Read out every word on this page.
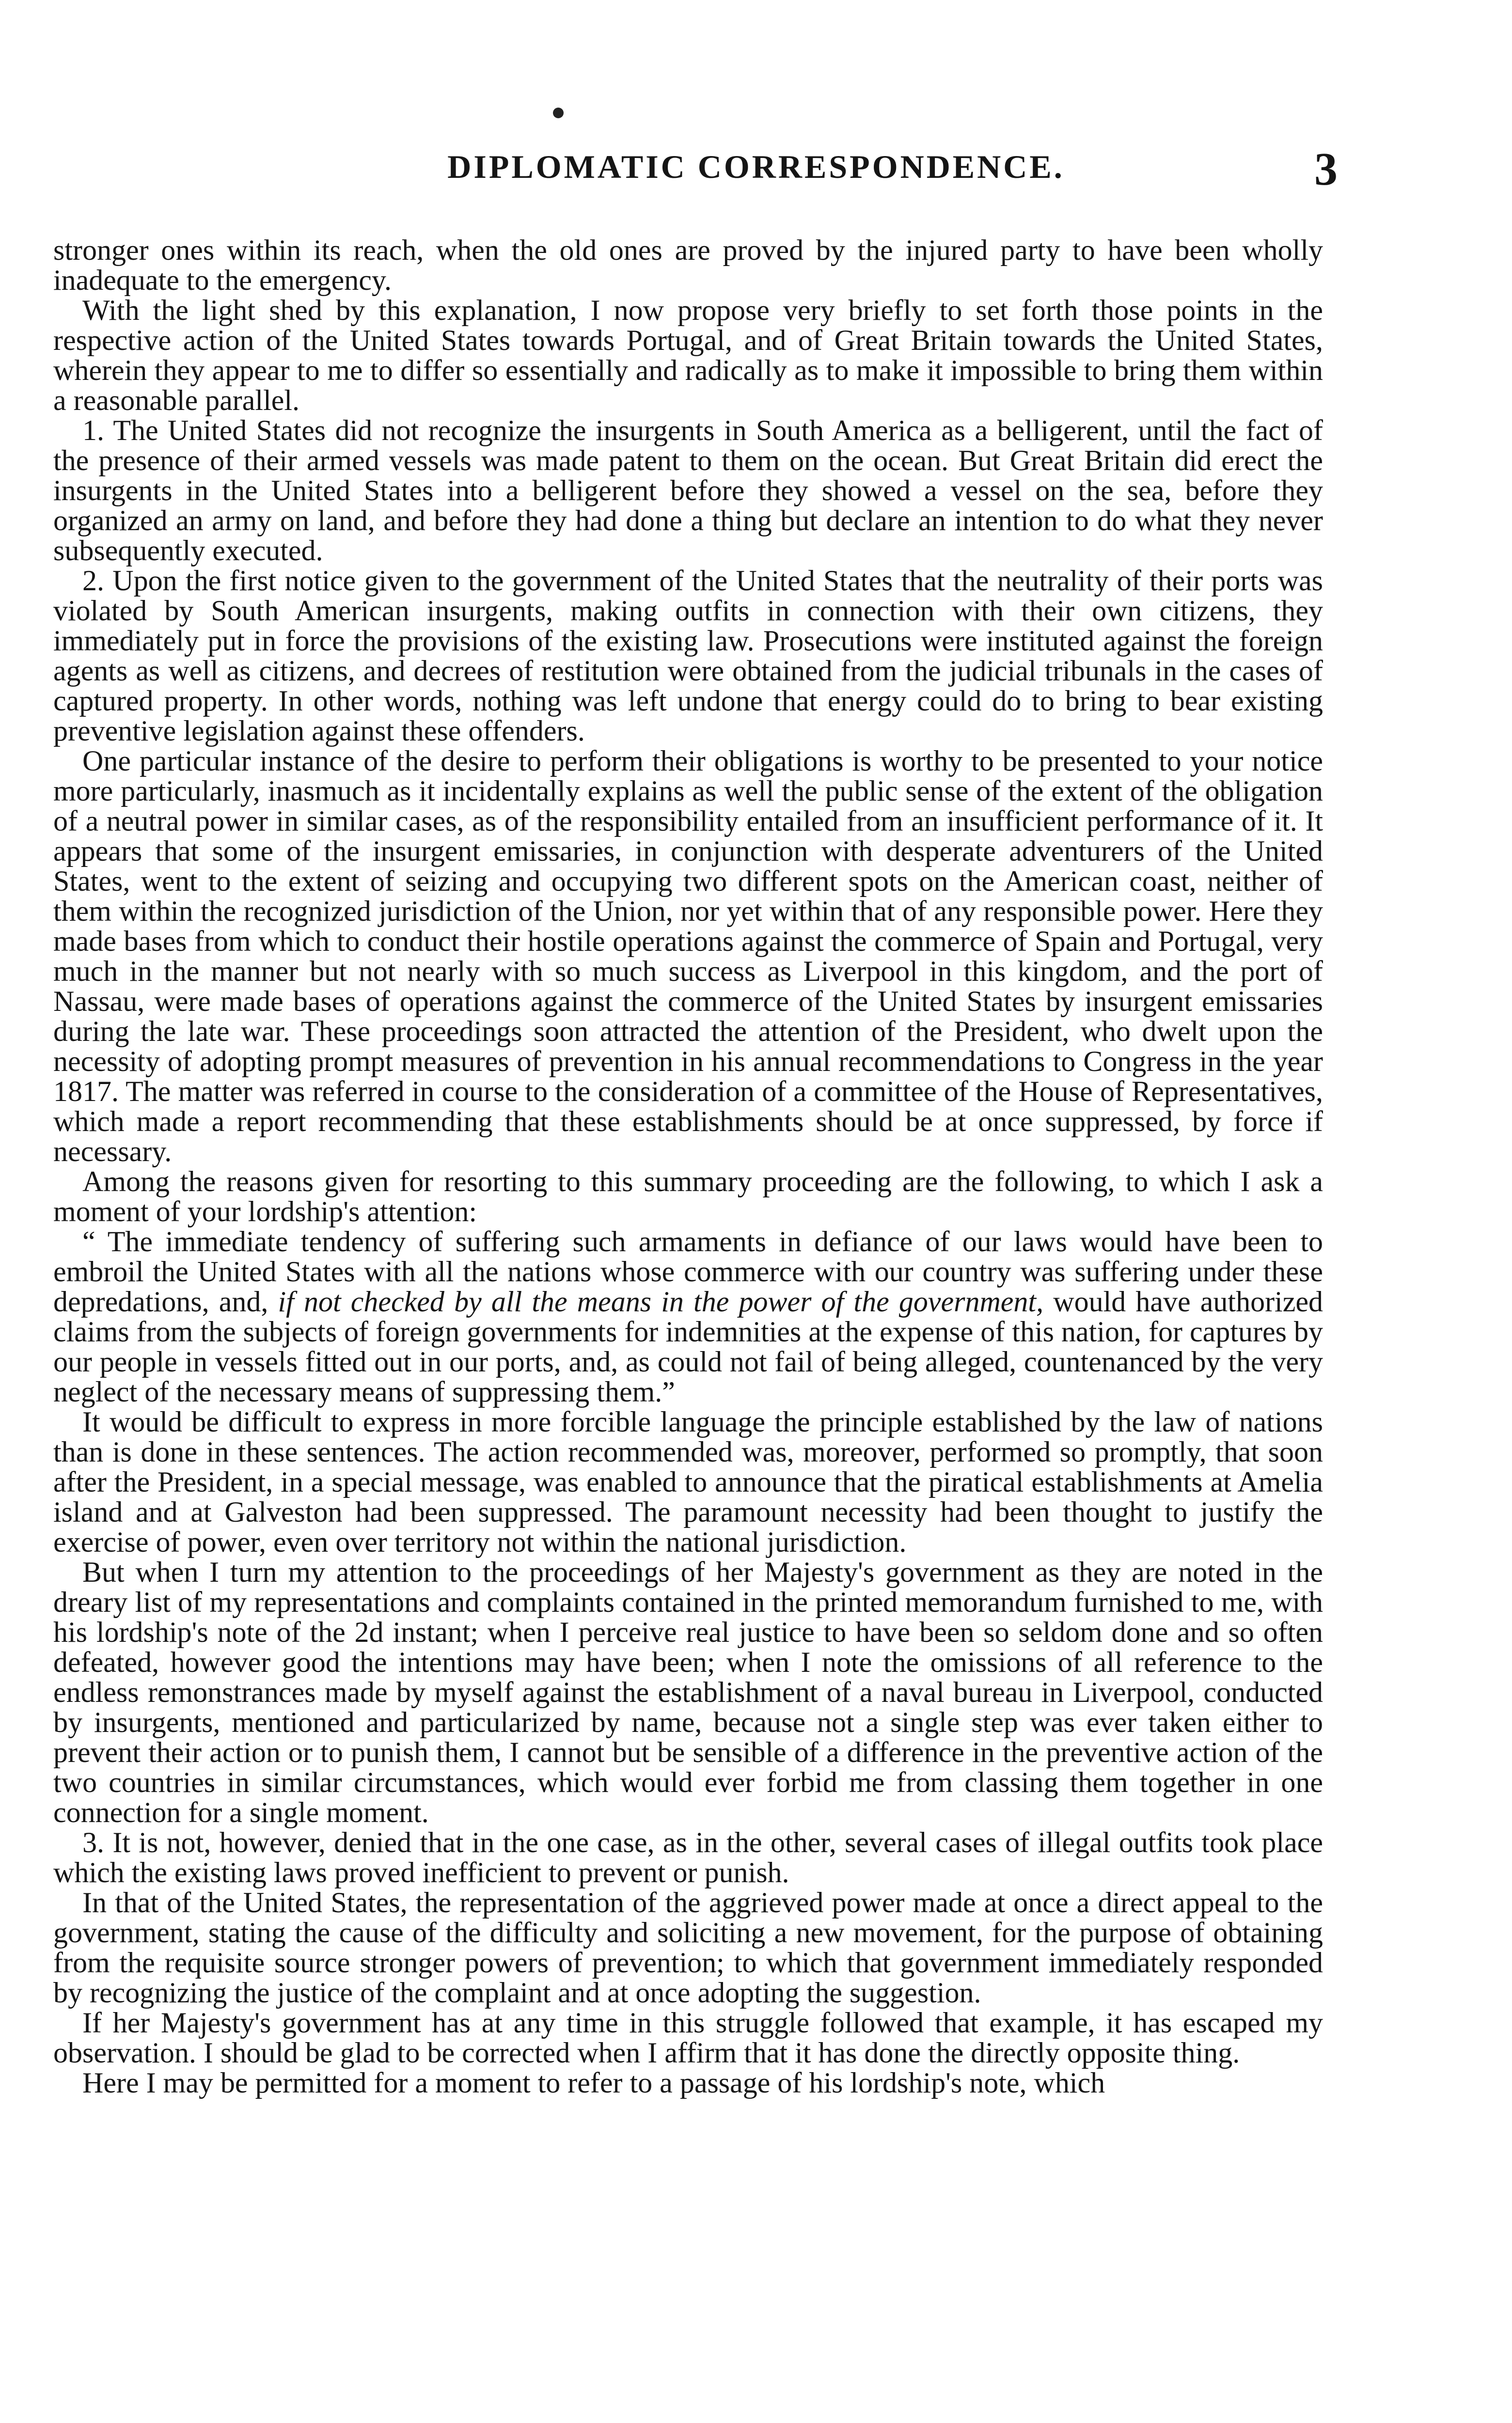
DIPLOMATIC CORRESPONDENCE.	3

stronger ones within its reach, when the old ones are proved by the injured party to have been wholly inadequate to the emergency.

With the light shed by this explanation, I now propose very briefly to set forth those points in the respective action of the United States towards Portugal, and of Great Britain towards the United States, wherein they appear to me to differ so essentially and radically as to make it impossible to bring them within a reasonable parallel.

1. The United States did not recognize the insurgents in South America as a belligerent, until the fact of the presence of their armed vessels was made patent to them on the ocean. But Great Britain did erect the insurgents in the United States into a belligerent before they showed a vessel on the sea, before they organized an army on land, and before they had done a thing but declare an intention to do what they never subsequently executed.

2. Upon the first notice given to the government of the United States that the neutrality of their ports was violated by South American insurgents, making outfits in connection with their own citizens, they immediately put in force the provisions of the existing law. Prosecutions were instituted against the foreign agents as well as citizens, and decrees of restitution were obtained from the judicial tribunals in the cases of captured property. In other words, nothing was left undone that energy could do to bring to bear existing preventive legislation against these offenders.

One particular instance of the desire to perform their obligations is worthy to be presented to your notice more particularly, inasmuch as it incidentally explains as well the public sense of the extent of the obligation of a neutral power in similar cases, as of the responsibility entailed from an insufficient performance of it. It appears that some of the insurgent emissaries, in conjunction with desperate adventurers of the United States, went to the extent of seizing and occupying two different spots on the American coast, neither of them within the recognized jurisdiction of the Union, nor yet within that of any responsible power. Here they made bases from which to conduct their hostile operations against the commerce of Spain and Portugal, very much in the manner but not nearly with so much success as Liverpool in this kingdom, and the port of Nassau, were made bases of operations against the commerce of the United States by insurgent emissaries during the late war. These proceedings soon attracted the attention of the President, who dwelt upon the necessity of adopting prompt measures of prevention in his annual recommendations to Congress in the year 1817. The matter was referred in course to the consideration of a committee of the House of Representatives, which made a report recommending that these establishments should be at once suppressed, by force if necessary.

Among the reasons given for resorting to this summary proceeding are the following, to which I ask a moment of your lordship's attention:

“ The immediate tendency of suffering such armaments in defiance of our laws would have been to embroil the United States with all the nations whose commerce with our country was suffering under these depredations, and, if not checked by all the means in the power of the government, would have authorized claims from the subjects of foreign governments for indemnities at the expense of this nation, for captures by our people in vessels fitted out in our ports, and, as could not fail of being alleged, countenanced by the very neglect of the necessary means of suppressing them.”

It would be difficult to express in more forcible language the principle established by the law of nations than is done in these sentences. The action recommended was, moreover, performed so promptly, that soon after the President, in a special message, was enabled to announce that the piratical establishments at Amelia island and at Galveston had been suppressed. The paramount necessity had been thought to justify the exercise of power, even over territory not within the national jurisdiction.

But when I turn my attention to the proceedings of her Majesty's government as they are noted in the dreary list of my representations and complaints contained in the printed memorandum furnished to me, with his lordship's note of the 2d instant; when I perceive real justice to have been so seldom done and so often defeated, however good the intentions may have been; when I note the omissions of all reference to the endless remonstrances made by myself against the establishment of a naval bureau in Liverpool, conducted by insurgents, mentioned and particularized by name, because not a single step was ever taken either to prevent their action or to punish them, I cannot but be sensible of a difference in the preventive action of the two countries in similar circumstances, which would ever forbid me from classing them together in one connection for a single moment.

3. It is not, however, denied that in the one case, as in the other, several cases of illegal outfits took place which the existing laws proved inefficient to prevent or punish.

In that of the United States, the representation of the aggrieved power made at once a direct appeal to the government, stating the cause of the difficulty and soliciting a new movement, for the purpose of obtaining from the requisite source stronger powers of prevention; to which that government immediately responded by recognizing the justice of the complaint and at once adopting the suggestion.

If her Majesty's government has at any time in this struggle followed that example, it has escaped my observation. I should be glad to be corrected when I affirm that it has done the directly opposite thing.

Here I may be permitted for a moment to refer to a passage of his lordship's note, which
